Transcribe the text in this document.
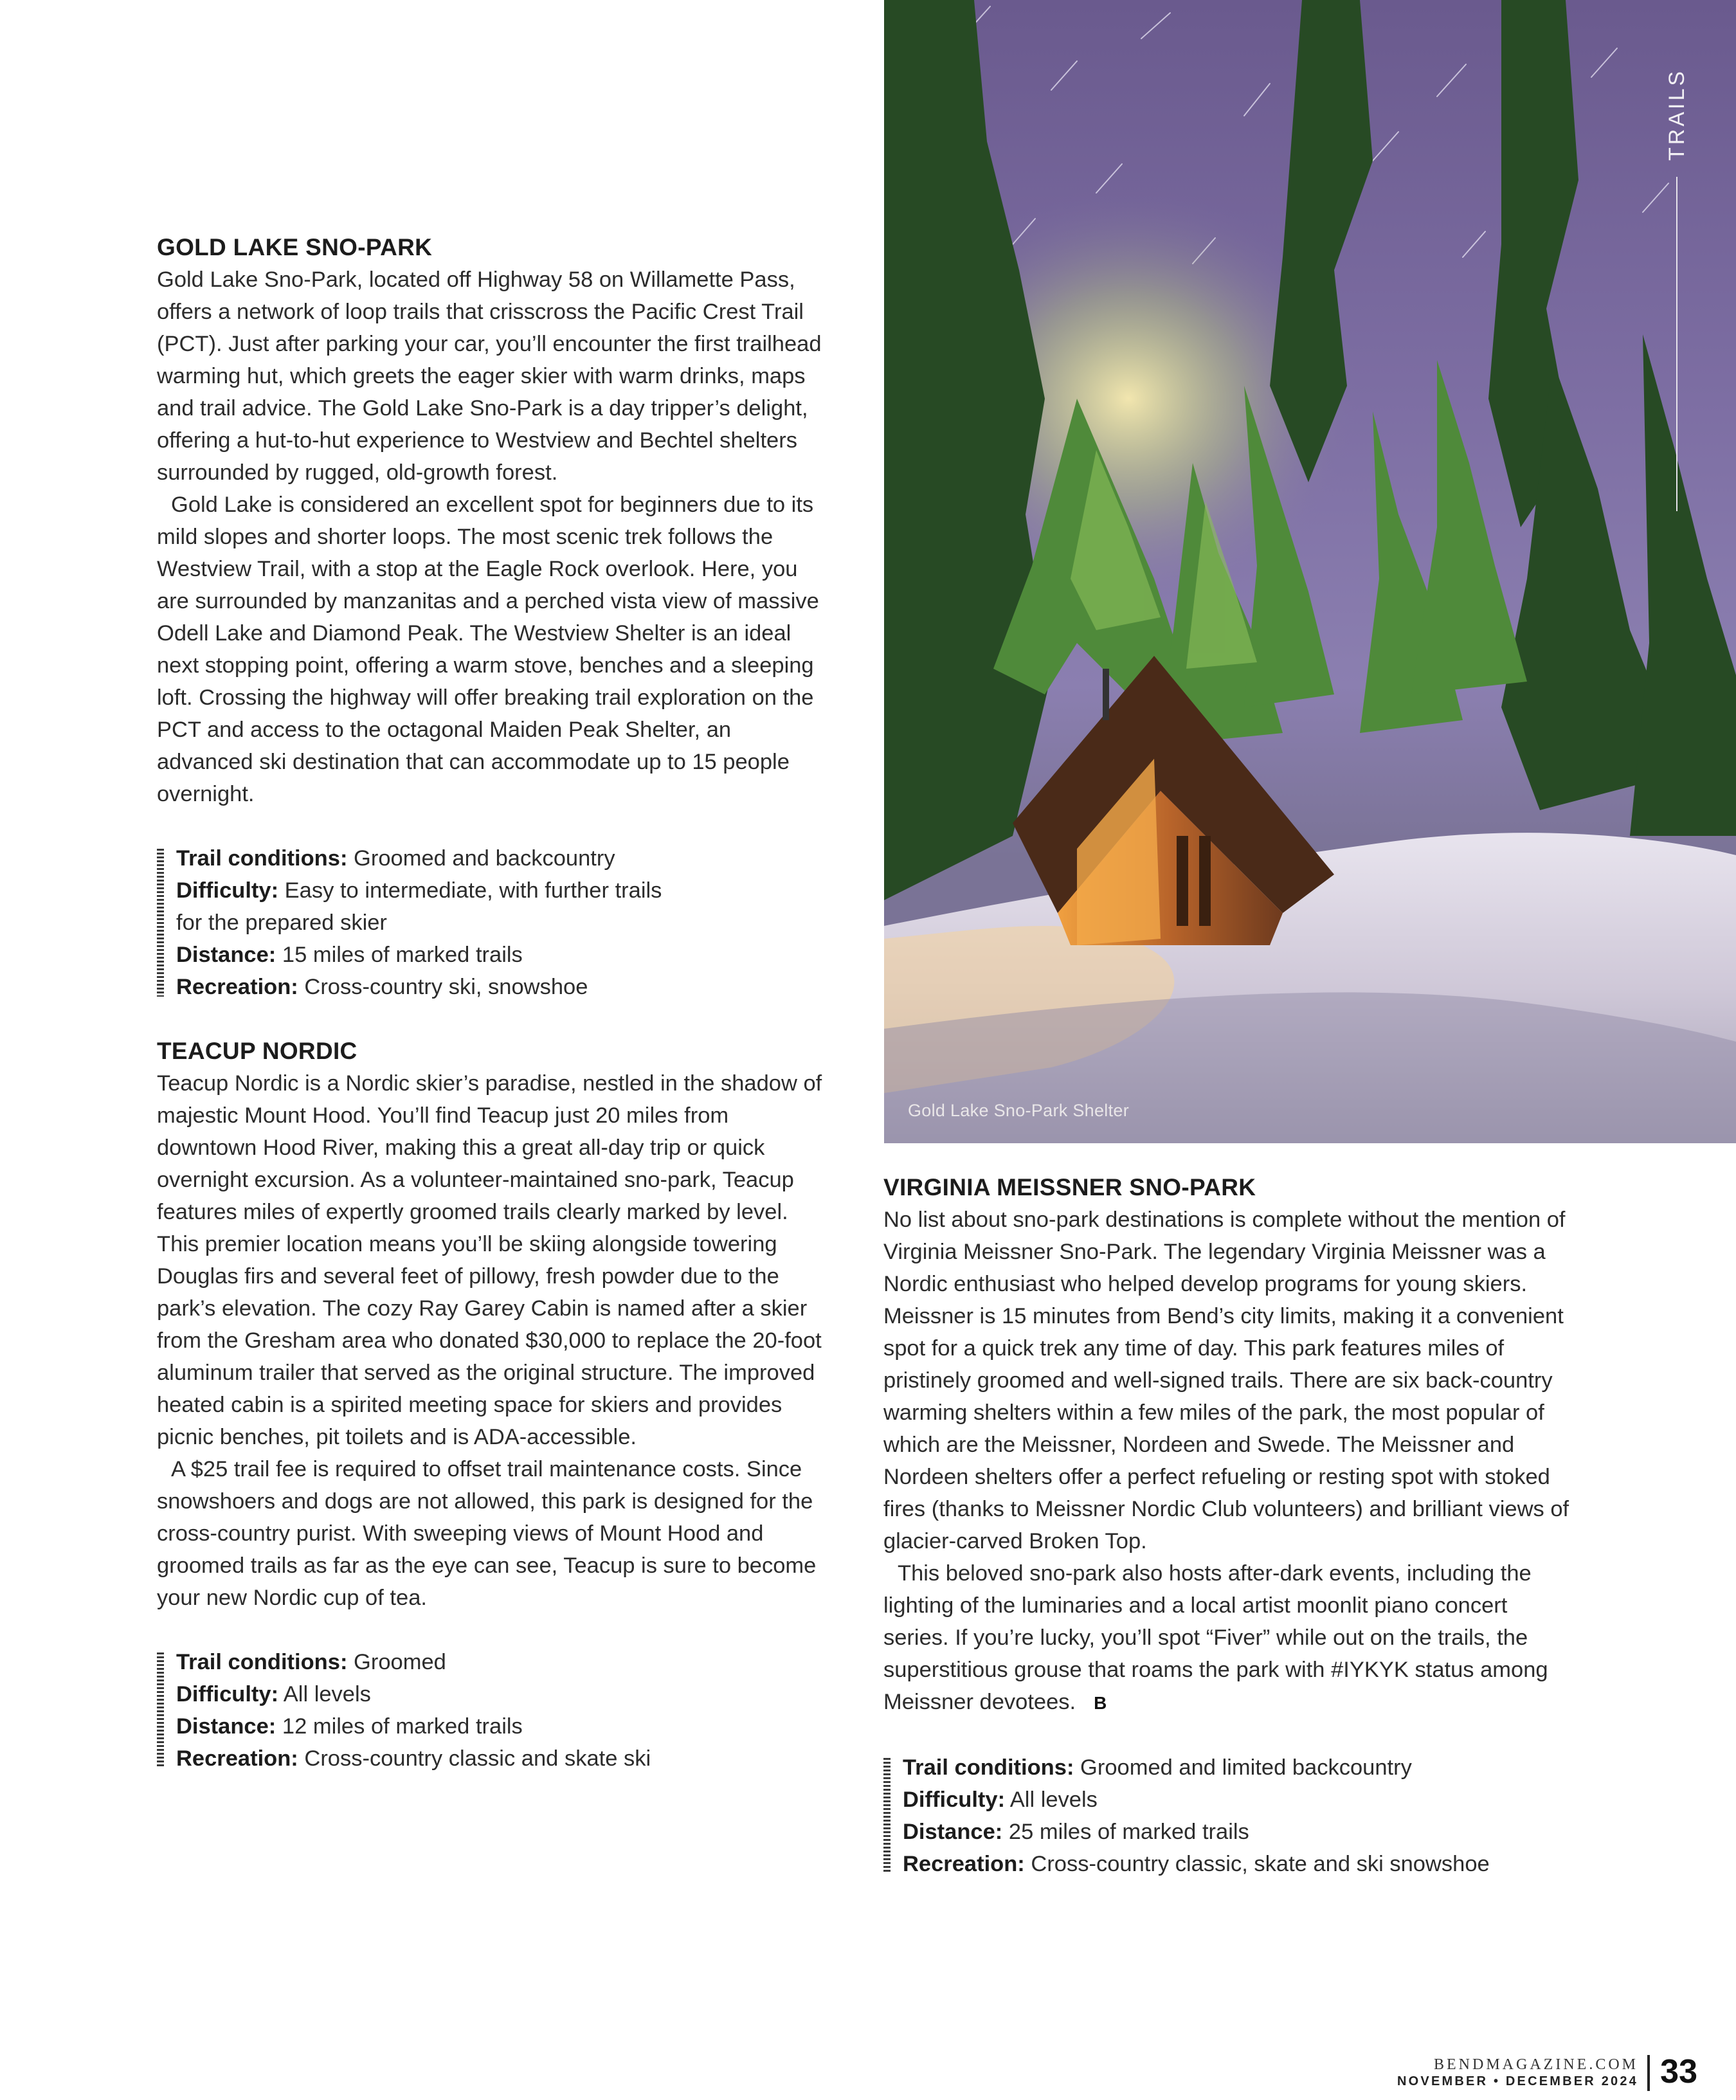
GOLD LAKE SNO-PARK

Gold Lake Sno-Park, located off Highway 58 on Willamette Pass, offers a network of loop trails that crisscross the Pacific Crest Trail (PCT). Just after parking your car, you’ll encounter the first trailhead warming hut, which greets the eager skier with warm drinks, maps and trail advice. The Gold Lake Sno-Park is a day tripper’s delight, offering a hut-to-hut experience to Westview and Bechtel shelters surrounded by rugged, old-growth forest.

Gold Lake is considered an excellent spot for beginners due to its mild slopes and shorter loops. The most scenic trek follows the Westview Trail, with a stop at the Eagle Rock overlook. Here, you are surrounded by manzanitas and a perched vista view of massive Odell Lake and Diamond Peak. The Westview Shelter is an ideal next stopping point, offering a warm stove, benches and a sleeping loft. Crossing the highway will offer breaking trail exploration on the PCT and access to the octagonal Maiden Peak Shelter, an advanced ski destination that can accommodate up to 15 people overnight.

Trail conditions: Groomed and backcountry
Difficulty: Easy to intermediate, with further trails
for the prepared skier
Distance: 15 miles of marked trails
Recreation: Cross-country ski, snowshoe
TEACUP NORDIC

Teacup Nordic is a Nordic skier’s paradise, nestled in the shadow of majestic Mount Hood. You’ll find Teacup just 20 miles from downtown Hood River, making this a great all-day trip or quick overnight excursion. As a volunteer-maintained sno-park, Teacup features miles of expertly groomed trails clearly marked by level. This premier location means you’ll be skiing alongside towering Douglas firs and several feet of pillowy, fresh powder due to the park’s elevation. The cozy Ray Garey Cabin is named after a skier from the Gresham area who donated $30,000 to replace the 20-foot aluminum trailer that served as the original structure. The improved heated cabin is a spirited meeting space for skiers and provides picnic benches, pit toilets and is ADA-accessible.

A $25 trail fee is required to offset trail maintenance costs. Since snowshoers and dogs are not allowed, this park is designed for the cross-country purist. With sweeping views of Mount Hood and groomed trails as far as the eye can see, Teacup is sure to become your new Nordic cup of tea.

Trail conditions: Groomed
Difficulty: All levels
Distance: 12 miles of marked trails
Recreation: Cross-country classic and skate ski
Gold Lake Sno-Park Shelter
TRAILS
VIRGINIA MEISSNER SNO-PARK

No list about sno-park destinations is complete without the mention of Virginia Meissner Sno-Park. The legendary Virginia Meissner was a Nordic enthusiast who helped develop programs for young skiers. Meissner is 15 minutes from Bend’s city limits, making it a convenient spot for a quick trek any time of day. This park features miles of pristinely groomed and well-signed trails. There are six back-country warming shelters within a few miles of the park, the most popular of which are the Meissner, Nordeen and Swede. The Meissner and Nordeen shelters offer a perfect refueling or resting spot with stoked fires (thanks to Meissner Nordic Club volunteers) and brilliant views of glacier-carved Broken Top.

This beloved sno-park also hosts after-dark events, including the lighting of the luminaries and a local artist moonlit piano concert series. If you’re lucky, you’ll spot “Fiver” while out on the trails, the superstitious grouse that roams the park with #IYKYK status among Meissner devotees. B

Trail conditions: Groomed and limited backcountry
Difficulty: All levels
Distance: 25 miles of marked trails
Recreation: Cross-country classic, skate and ski snowshoe
BENDMAGAZINE.COM
NOVEMBER • DECEMBER 2024 33
